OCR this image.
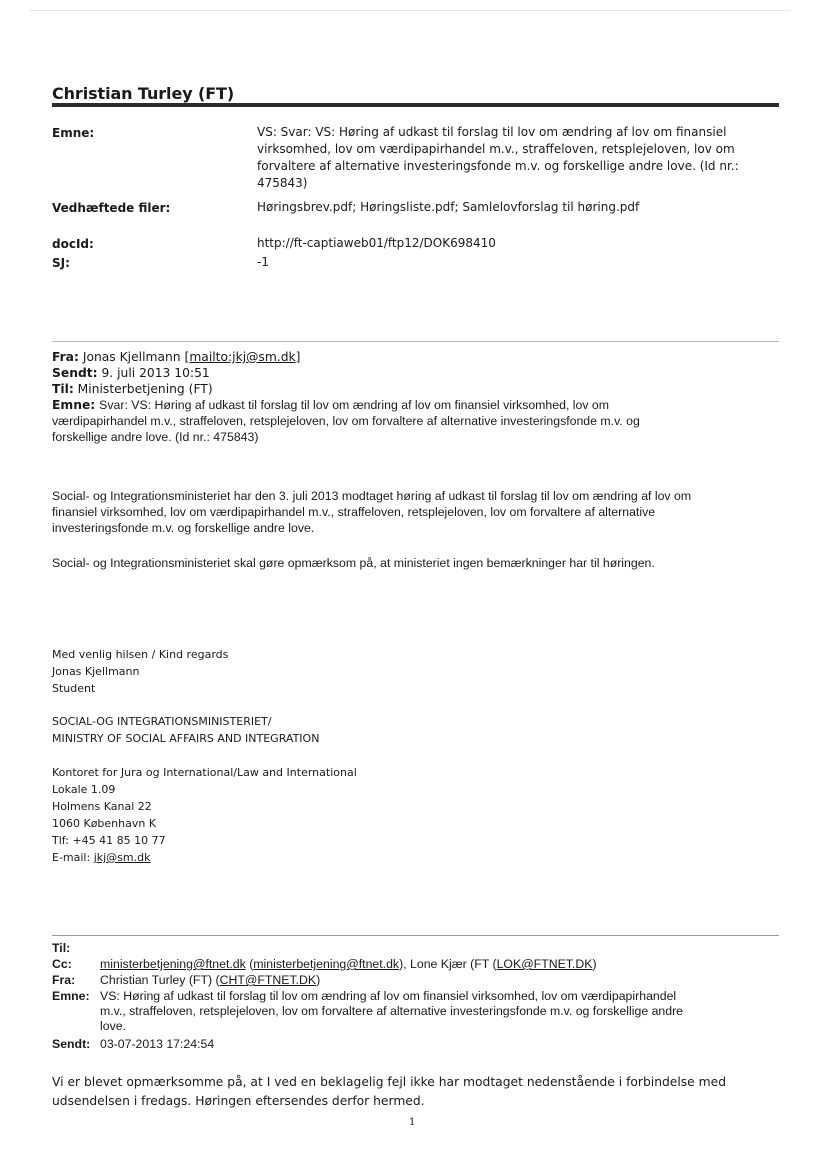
Christian Turley (FT)
Emne:	VS: Svar: VS: Høring af udkast til forslag til lov om ændring af lov om finansiel
virksomhed, lov om værdipapirhandel m.v., straffeloven, retsplejeloven, lov om
forvaltere af alternative investeringsfonde m.v. og forskellige andre love. (Id nr.:
475843)
Vedhæftede filer:	Høringsbrev.pdf; Høringsliste.pdf; Samlelovforslag til høring.pdf
docId:	http://ft-captiaweb01/ftp12/DOK698410
SJ:	-1
Fra: Jonas Kjellmann [mailto:jkj@sm.dk]
Sendt: 9. juli 2013 10:51
Til: Ministerbetjening (FT)
Emne: Svar: VS: Høring af udkast til forslag til lov om ændring af lov om finansiel virksomhed, lov om
værdipapirhandel m.v., straffeloven, retsplejeloven, lov om forvaltere af alternative investeringsfonde m.v. og
forskellige andre love. (Id nr.: 475843)
Social- og Integrationsministeriet har den 3. juli 2013 modtaget høring af udkast til forslag til lov om ændring af lov om
finansiel virksomhed, lov om værdipapirhandel m.v., straffeloven, retsplejeloven, lov om forvaltere af alternative
investeringsfonde m.v. og forskellige andre love.
Social- og Integrationsministeriet skal gøre opmærksom på, at ministeriet ingen bemærkninger har til høringen.
Med venlig hilsen / Kind regards
Jonas Kjellmann
Student
SOCIAL-OG INTEGRATIONSMINISTERIET/
MINISTRY OF SOCIAL AFFAIRS AND INTEGRATION
Kontoret for Jura og International/Law and International
Lokale 1.09
Holmens Kanal 22
1060 København K
Tlf: +45 41 85 10 77
E-mail: jkj@sm.dk
Til:
Cc: ministerbetjening@ftnet.dk (ministerbetjening@ftnet.dk), Lone Kjær (FT (LOK@FTNET.DK)
Fra: Christian Turley (FT) (CHT@FTNET.DK)
Emne: VS: Høring af udkast til forslag til lov om ændring af lov om finansiel virksomhed, lov om værdipapirhandel
m.v., straffeloven, retsplejeloven, lov om forvaltere af alternative investeringsfonde m.v. og forskellige andre
love.
Sendt: 03-07-2013 17:24:54
Vi er blevet opmærksomme på, at I ved en beklagelig fejl ikke har modtaget nedenstående i forbindelse med
udsendelsen i fredags. Høringen eftersendes derfor hermed.
1
